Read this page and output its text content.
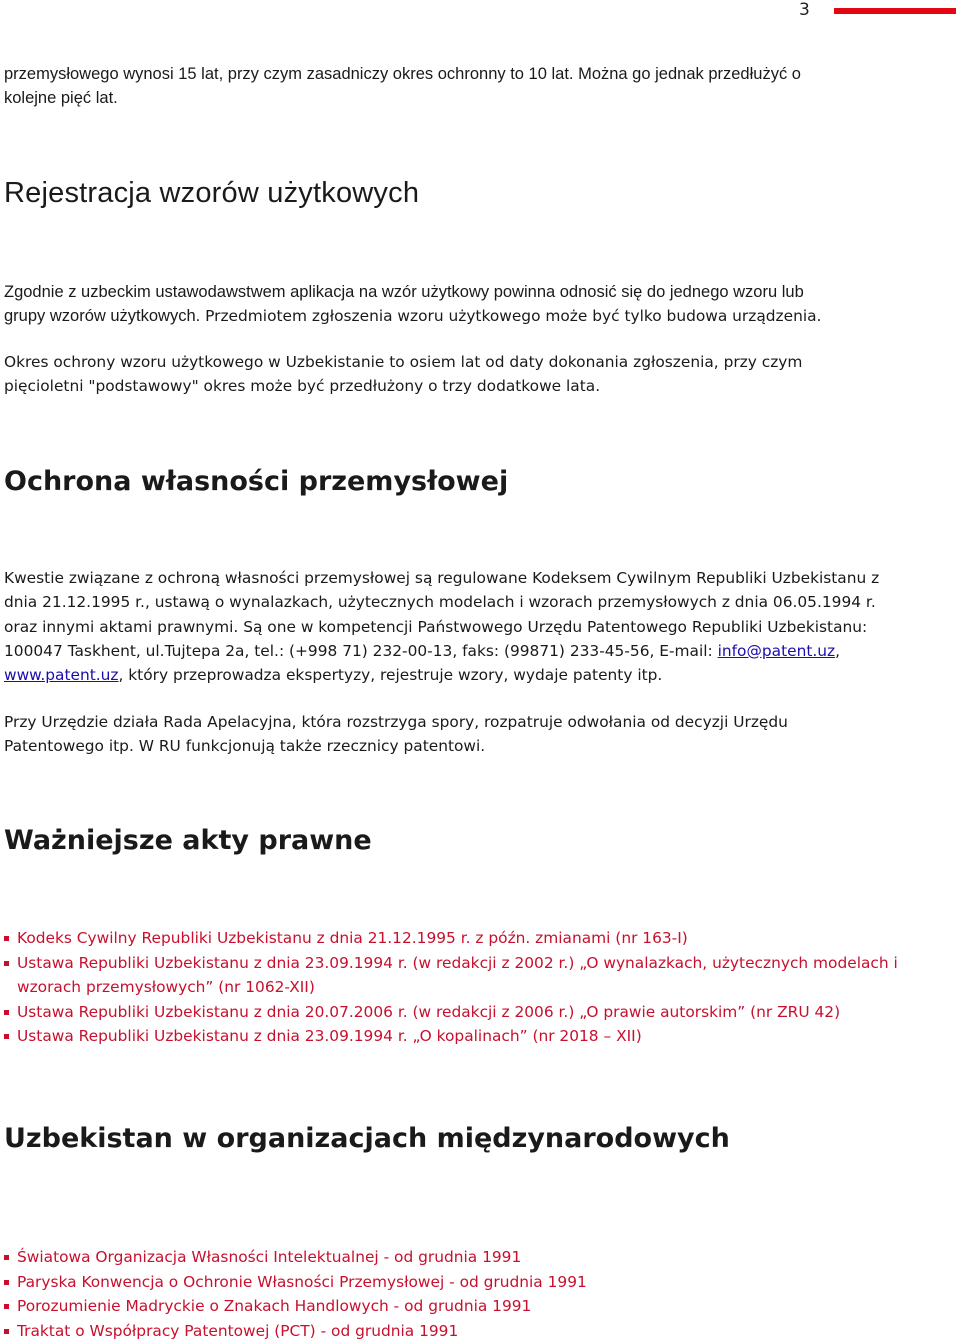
3
przemysłowego wynosi 15 lat, przy czym zasadniczy okres ochronny to 10 lat. Można go jednak przedłużyć o
kolejne pięć lat.
Rejestracja wzorów użytkowych
Zgodnie z uzbeckim ustawodawstwem aplikacja na wzór użytkowy powinna odnosić się do jednego wzoru lub
grupy wzorów użytkowych. Przedmiotem zgłoszenia wzoru użytkowego może być tylko budowa urządzenia.
Okres ochrony wzoru użytkowego w Uzbekistanie to osiem lat od daty dokonania zgłoszenia, przy czym
pięcioletni "podstawowy" okres może być przedłużony o trzy dodatkowe lata.
Ochrona własności przemysłowej
Kwestie związane z ochroną własności przemysłowej są regulowane Kodeksem Cywilnym Republiki Uzbekistanu z
dnia 21.12.1995 r., ustawą o wynalazkach, użytecznych modelach i wzorach przemysłowych z dnia 06.05.1994 r.
oraz innymi aktami prawnymi. Są one w kompetencji Państwowego Urzędu Patentowego Republiki Uzbekistanu:
100047 Taskhent, ul.Tujtepa 2a, tel.: (+998 71) 232-00-13, faks: (99871) 233-45-56, E-mail: info@patent.uz,
www.patent.uz, który przeprowadza ekspertyzy, rejestruje wzory, wydaje patenty itp.
Przy Urzędzie działa Rada Apelacyjna, która rozstrzyga spory, rozpatruje odwołania od decyzji Urzędu
Patentowego itp. W RU funkcjonują także rzecznicy patentowi.
Ważniejsze akty prawne
Kodeks Cywilny Republiki Uzbekistanu z dnia 21.12.1995 r. z późn. zmianami (nr 163-I)
Ustawa Republiki Uzbekistanu z dnia 23.09.1994 r. (w redakcji z 2002 r.) „O wynalazkach, użytecznych modelach i wzorach przemysłowych” (nr 1062-XII)
Ustawa Republiki Uzbekistanu z dnia 20.07.2006 r. (w redakcji z 2006 r.) „O prawie autorskim” (nr ZRU 42)
Ustawa Republiki Uzbekistanu z dnia 23.09.1994 r. „O kopalinach” (nr 2018 – XII)
Uzbekistan w organizacjach międzynarodowych
Światowa Organizacja Własności Intelektualnej - od grudnia 1991
Paryska Konwencja o Ochronie Własności Przemysłowej - od grudnia 1991
Porozumienie Madryckie o Znakach Handlowych - od grudnia 1991
Traktat o Współpracy Patentowej (PCT) - od grudnia 1991
